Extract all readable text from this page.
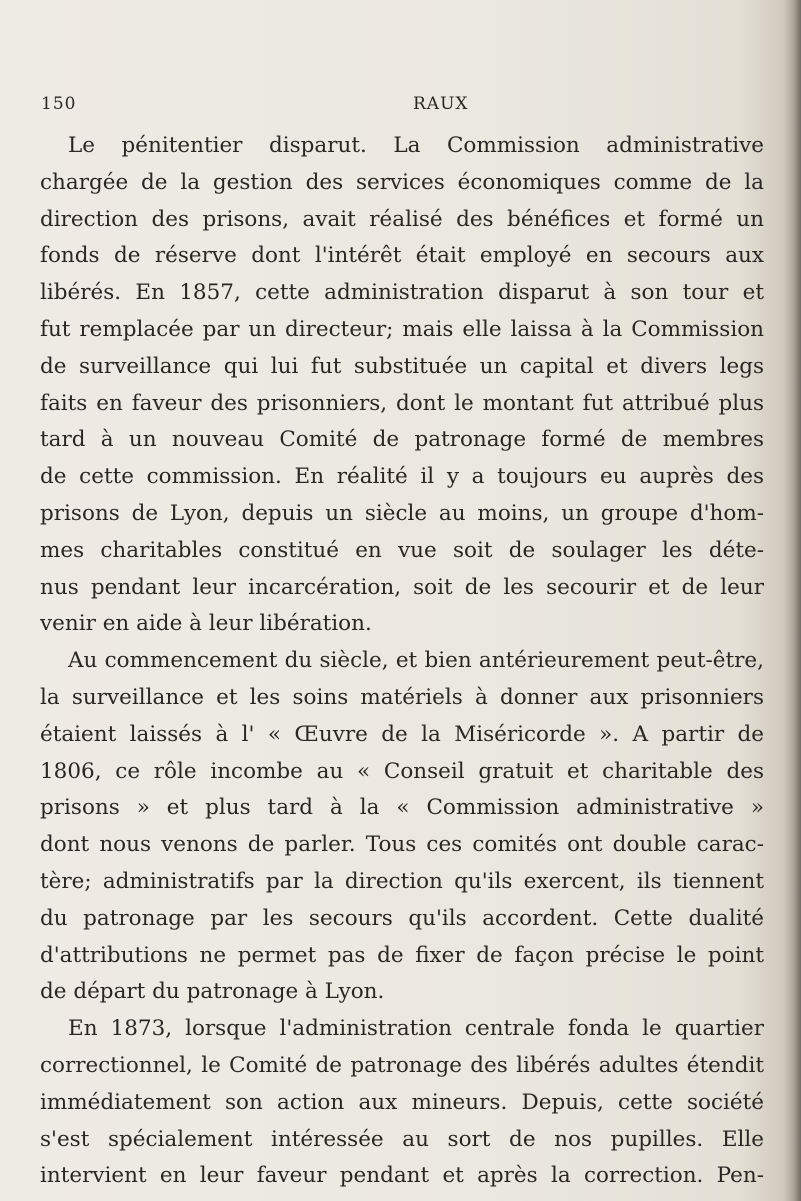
150	RAUX
Le pénitentier disparut. La Commission administrative
chargée de la gestion des services économiques comme de la
direction des prisons, avait réalisé des bénéfices et formé un
fonds de réserve dont l'intérêt était employé en secours aux
libérés. En 1857, cette administration disparut à son tour et
fut remplacée par un directeur; mais elle laissa à la Commission
de surveillance qui lui fut substituée un capital et divers legs
faits en faveur des prisonniers, dont le montant fut attribué plus
tard à un nouveau Comité de patronage formé de membres
de cette commission. En réalité il y a toujours eu auprès des
prisons de Lyon, depuis un siècle au moins, un groupe d'hom-
mes charitables constitué en vue soit de soulager les déte-
nus pendant leur incarcération, soit de les secourir et de leur
venir en aide à leur libération.
Au commencement du siècle, et bien antérieurement peut-être,
la surveillance et les soins matériels à donner aux prisonniers
étaient laissés à l' « Œuvre de la Miséricorde ». A partir de
1806, ce rôle incombe au « Conseil gratuit et charitable des
prisons » et plus tard à la « Commission administrative »
dont nous venons de parler. Tous ces comités ont double carac-
tère; administratifs par la direction qu'ils exercent, ils tiennent
du patronage par les secours qu'ils accordent. Cette dualité
d'attributions ne permet pas de fixer de façon précise le point
de départ du patronage à Lyon.
En 1873, lorsque l'administration centrale fonda le quartier
correctionnel, le Comité de patronage des libérés adultes étendit
immédiatement son action aux mineurs. Depuis, cette société
s'est spécialement intéressée au sort de nos pupilles. Elle
intervient en leur faveur pendant et après la correction. Pen-
